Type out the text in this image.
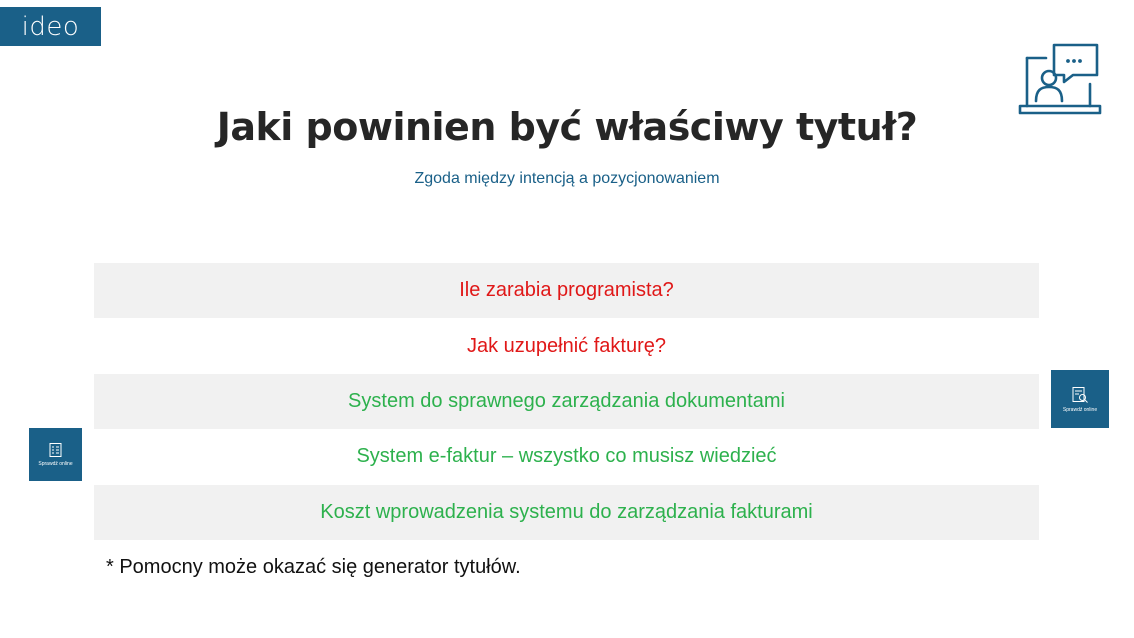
ideo
Jaki powinien być właściwy tytuł?
Zgoda między intencją a pozycjonowaniem
Ile zarabia programista?
Jak uzupełnić fakturę?
System do sprawnego zarządzania dokumentami
System e-faktur – wszystko co musisz wiedzieć
Koszt wprowadzenia systemu do zarządzania fakturami
Sprawdź online
Sprawdź online
* Pomocny może okazać się generator tytułów.
